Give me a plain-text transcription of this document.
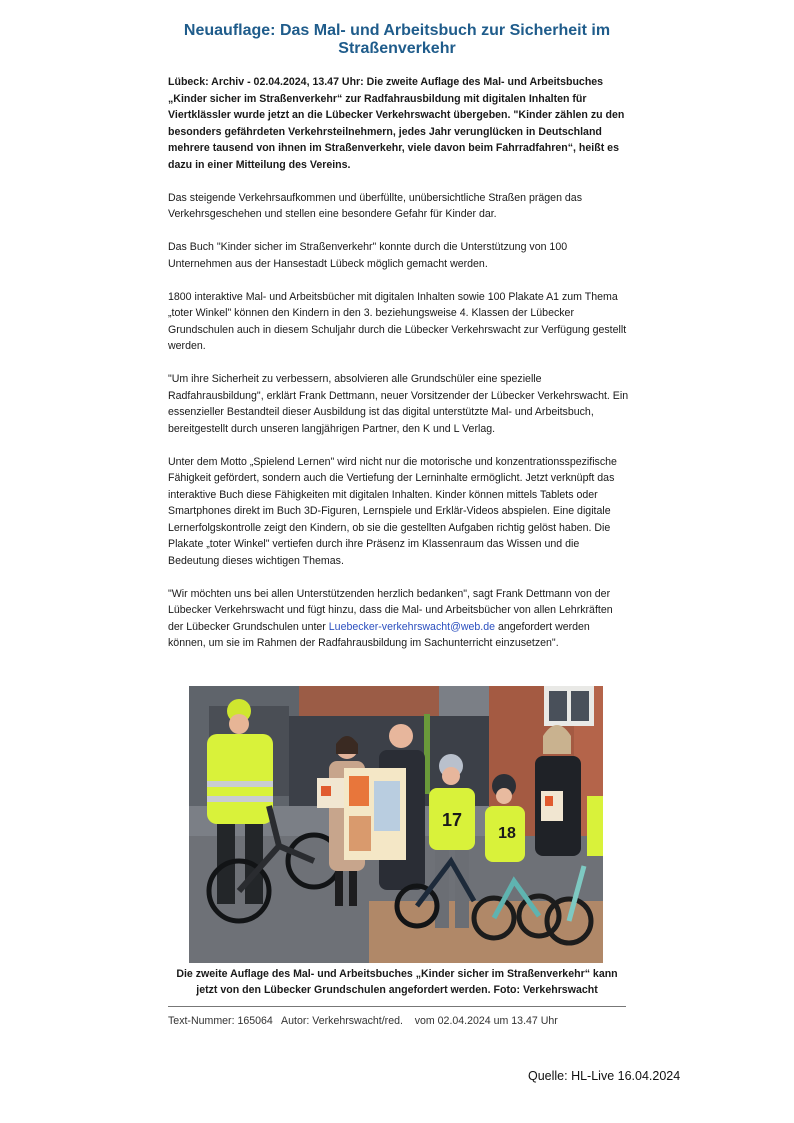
Neuauflage: Das Mal- und Arbeitsbuch zur Sicherheit im Straßenverkehr

Lübeck: Archiv - 02.04.2024, 13.47 Uhr: Die zweite Auflage des Mal- und Arbeitsbuches „Kinder sicher im Straßenverkehr“ zur Radfahrausbildung mit digitalen Inhalten für Viertklässler wurde jetzt an die Lübecker Verkehrswacht übergeben. "Kinder zählen zu den besonders gefährdeten Verkehrsteilnehmern, jedes Jahr verunglücken in Deutschland mehrere tausend von ihnen im Straßenverkehr, viele davon beim Fahrradfahren“, heißt es dazu in einer Mitteilung des Vereins.

Das steigende Verkehrsaufkommen und überfüllte, unübersichtliche Straßen prägen das Verkehrsgeschehen und stellen eine besondere Gefahr für Kinder dar.

Das Buch "Kinder sicher im Straßenverkehr" konnte durch die Unterstützung von 100 Unternehmen aus der Hansestadt Lübeck möglich gemacht werden.

1800 interaktive Mal- und Arbeitsbücher mit digitalen Inhalten sowie 100 Plakate A1 zum Thema „toter Winkel" können den Kindern in den 3. beziehungsweise 4. Klassen der Lübecker Grundschulen auch in diesem Schuljahr durch die Lübecker Verkehrswacht zur Verfügung gestellt werden.

"Um ihre Sicherheit zu verbessern, absolvieren alle Grundschüler eine spezielle Radfahrausbildung", erklärt Frank Dettmann, neuer Vorsitzender der Lübecker Verkehrswacht. Ein essenzieller Bestandteil dieser Ausbildung ist das digital unterstützte Mal- und Arbeitsbuch, bereitgestellt durch unseren langjährigen Partner, den K und L Verlag.

Unter dem Motto „Spielend Lernen" wird nicht nur die motorische und konzentrationsspezifische Fähigkeit gefördert, sondern auch die Vertiefung der Lerninhalte ermöglicht. Jetzt verknüpft das interaktive Buch diese Fähigkeiten mit digitalen Inhalten. Kinder können mittels Tablets oder Smartphones direkt im Buch 3D-Figuren, Lernspiele und Erklär-Videos abspielen. Eine digitale Lernerfolgskontrolle zeigt den Kindern, ob sie die gestellten Aufgaben richtig gelöst haben. Die Plakate „toter Winkel" vertiefen durch ihre Präsenz im Klassenraum das Wissen und die Bedeutung dieses wichtigen Themas.

"Wir möchten uns bei allen Unterstützenden herzlich bedanken", sagt Frank Dettmann von der Lübecker Verkehrswacht und fügt hinzu, dass die Mal- und Arbeitsbücher von allen Lehrkräften der Lübecker Grundschulen unter Luebecker-verkehrswacht@web.de angefordert werden können, um sie im Rahmen der Radfahrausbildung im Sachunterricht einzusetzen".

17
18

Die zweite Auflage des Mal- und Arbeitsbuches „Kinder sicher im Straßenverkehr“ kann jetzt von den Lübecker Grundschulen angefordert werden. Foto: Verkehrswacht

Text-Nummer: 165064   Autor: Verkehrswacht/red.    vom 02.04.2024 um 13.47 Uhr
Quelle: HL-Live 16.04.2024
